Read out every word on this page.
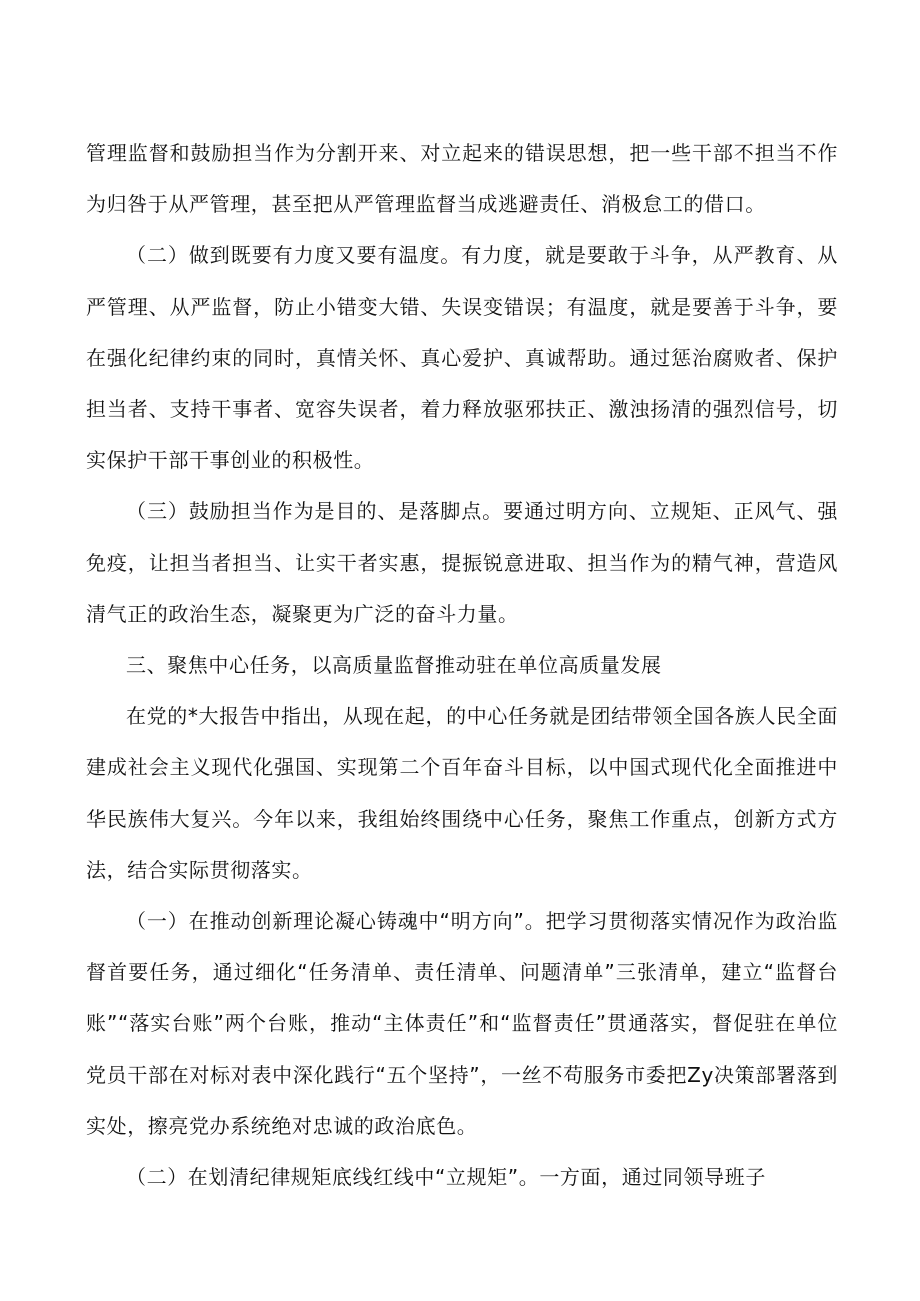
管理监督和鼓励担当作为分割开来、对立起来的错误思想，把一些干部不担当不作为归咎于从严管理，甚至把从严管理监督当成逃避责任、消极怠工的借口。

（二）做到既要有力度又要有温度。有力度，就是要敢于斗争，从严教育、从严管理、从严监督，防止小错变大错、失误变错误；有温度，就是要善于斗争，要在强化纪律约束的同时，真情关怀、真心爱护、真诚帮助。通过惩治腐败者、保护担当者、支持干事者、宽容失误者，着力释放驱邪扶正、激浊扬清的强烈信号，切实保护干部干事创业的积极性。

（三）鼓励担当作为是目的、是落脚点。要通过明方向、立规矩、正风气、强免疫，让担当者担当、让实干者实惠，提振锐意进取、担当作为的精气神，营造风清气正的政治生态，凝聚更为广泛的奋斗力量。

三、聚焦中心任务，以高质量监督推动驻在单位高质量发展

在党的*大报告中指出，从现在起，的中心任务就是团结带领全国各族人民全面建成社会主义现代化强国、实现第二个百年奋斗目标，以中国式现代化全面推进中华民族伟大复兴。今年以来，我组始终围绕中心任务，聚焦工作重点，创新方式方法，结合实际贯彻落实。

（一）在推动创新理论凝心铸魂中“明方向”。把学习贯彻落实情况作为政治监督首要任务，通过细化“任务清单、责任清单、问题清单”三张清单，建立“监督台账”“落实台账”两个台账，推动“主体责任”和“监督责任”贯通落实，督促驻在单位党员干部在对标对表中深化践行“五个坚持”，一丝不苟服务市委把Zy决策部署落到实处，擦亮党办系统绝对忠诚的政治底色。

（二）在划清纪律规矩底线红线中“立规矩”。一方面，通过同领导班子
